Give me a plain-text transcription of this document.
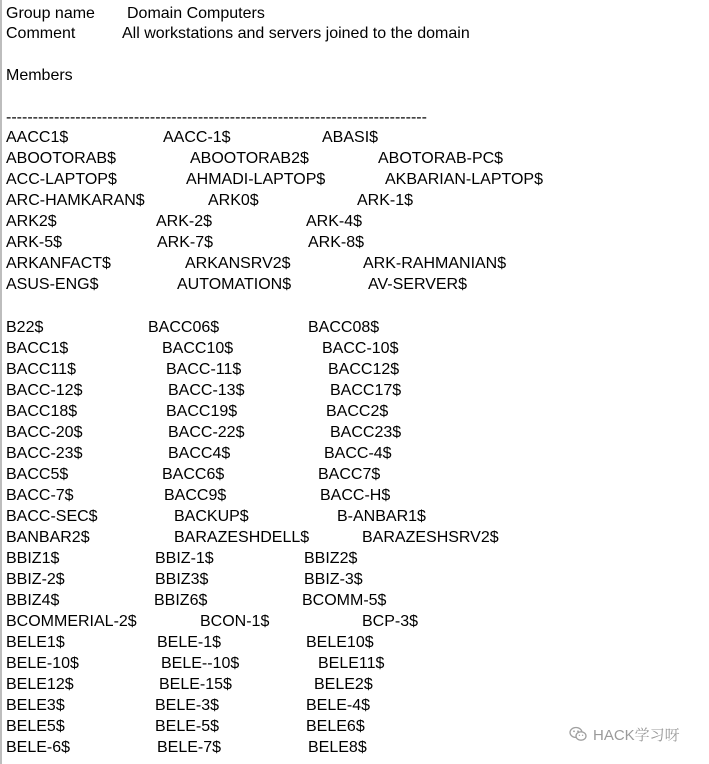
Group name Domain Computers
Comment	All workstations and servers joined to the domain
Members
-------------------------------------------------------------------------------
AACC1$	AACC-1$	ABASI$
ABOOTORAB$	ABOOTORAB2$	ABOTORAB-PC$
ACC-LAPTOP$	AHMADI-LAPTOP$	AKBARIAN-LAPTOP$
ARC-HAMKARAN$	ARK0$	ARK-1$
ARK2$	ARK-2$	ARK-4$
ARK-5$	ARK-7$	ARK-8$
ARKANFACT$	ARKANSRV2$	ARK-RAHMANIAN$
ASUS-ENG$	AUTOMATION$	AV-SERVER$
B22$	BACC06$	BACC08$
BACC1$	BACC10$	BACC-10$
BACC11$	BACC-11$	BACC12$
BACC-12$	BACC-13$	BACC17$
BACC18$	BACC19$	BACC2$
BACC-20$	BACC-22$	BACC23$
BACC-23$	BACC4$	BACC-4$
BACC5$	BACC6$	BACC7$
BACC-7$	BACC9$	BACC-H$
BACC-SEC$	BACKUP$	B-ANBAR1$
BANBAR2$	BARAZESHDELL$	BARAZESHSRV2$
BBIZ1$	BBIZ-1$	BBIZ2$
BBIZ-2$	BBIZ3$	BBIZ-3$
BBIZ4$	BBIZ6$	BCOMM-5$
BCOMMERIAL-2$	BCON-1$	BCP-3$
BELE1$	BELE-1$	BELE10$
BELE-10$	BELE--10$	BELE11$
BELE12$	BELE-15$	BELE2$
BELE3$	BELE-3$	BELE-4$
BELE5$	BELE-5$	BELE6$
BELE-6$	BELE-7$	BELE8$
HACK学习呀
